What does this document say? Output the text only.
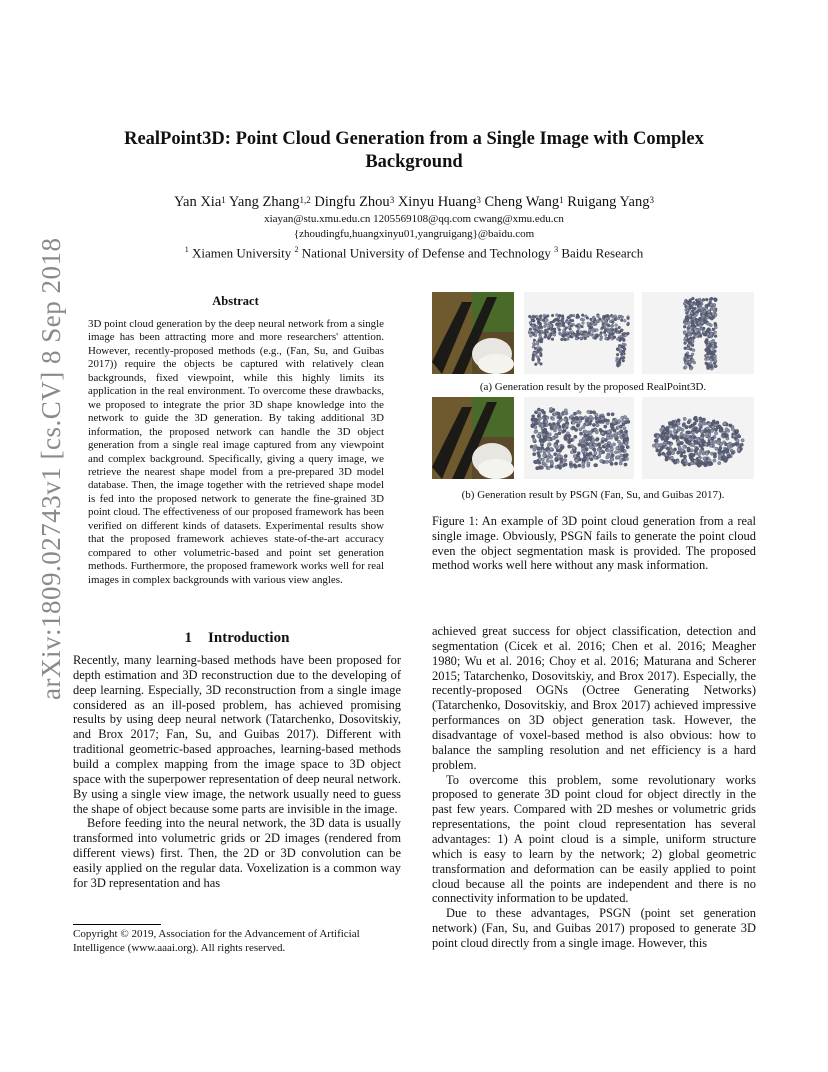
RealPoint3D: Point Cloud Generation from a Single Image with Complex
Background
Yan Xia$^1$ Yang Zhang$^{1,2}$ Dingfu Zhou$^3$ Xinyu Huang$^3$ Cheng Wang$^1$ Ruigang Yang$^3$
xiayan@stu.xmu.edu.cn 1205569108@qq.com cwang@xmu.edu.cn
{zhoudingfu,huangxinyu01,yangruigang}@baidu.com
$^1$ Xiamen University $^2$ National University of Defense and Technology $^3$ Baidu Research
arXiv:1809.02743v1 [cs.CV] 8 Sep 2018	Abstract

3D point cloud generation by the deep neural network from a single image has been attracting more and more researchers' attention. However, recently-proposed methods (e.g., (Fan, Su, and Guibas 2017)) require the objects be captured with relatively clean backgrounds, fixed viewpoint, while this highly limits its application in the real environment. To overcome these drawbacks, we proposed to integrate the prior 3D shape knowledge into the network to guide the 3D generation. By taking additional 3D information, the proposed network can handle the 3D object generation from a single real image captured from any viewpoint and complex background. Specifically, giving a query image, we retrieve the nearest shape model from a pre-prepared 3D model database. Then, the image together with the retrieved shape model is fed into the proposed network to generate the fine-grained 3D point cloud. The effectiveness of our proposed framework has been verified on different kinds of datasets. Experimental results show that the proposed framework achieves state-of-the-art accuracy compared to other volumetric-based and point set generation methods. Furthermore, the proposed framework works well for real images in complex backgrounds with various view angles.

1 Introduction

Recently, many learning-based methods have been proposed for depth estimation and 3D reconstruction due to the developing of deep learning. Especially, 3D reconstruction from a single image considered as an ill-posed problem, has achieved promising results by using deep neural network (Tatarchenko, Dosovitskiy, and Brox 2017; Fan, Su, and Guibas 2017). Different with traditional geometric-based approaches, learning-based methods build a complex mapping from the image space to 3D object space with the superpower representation of deep neural network. By using a single view image, the network usually need to guess the shape of object because some parts are invisible in the image.

Before feeding into the neural network, the 3D data is usually transformed into volumetric grids or 2D images (rendered from different views) first. Then, the 2D or 3D convolution can be easily applied on the regular data. Voxelization is a common way for 3D representation and has

Copyright © 2019, Association for the Advancement of Artificial Intelligence (www.aaai.org). All rights reserved.

achieved great success for object classification, detection and segmentation (Cicek et al. 2016; Chen et al. 2016; Meagher 1980; Wu et al. 2016; Choy et al. 2016; Maturana and Scherer 2015; Tatarchenko, Dosovitskiy, and Brox 2017). Especially, the recently-proposed OGNs (Octree Generating Networks)(Tatarchenko, Dosovitskiy, and Brox 2017) achieved impressive performances on 3D object generation task. However, the disadvantage of voxel-based method is also obvious: how to balance the sampling resolution and net efficiency is a hard problem.

To overcome this problem, some revolutionary works proposed to generate 3D point cloud for object directly in the past few years. Compared with 2D meshes or volumetric grids representations, the point cloud representation has several advantages: 1) A point cloud is a simple, uniform structure which is easy to learn by the network; 2) global geometric transformation and deformation can be easily applied to point cloud because all the points are independent and there is no connectivity information to be updated.

Due to these advantages, PSGN (point set generation network) (Fan, Su, and Guibas 2017) proposed to generate 3D point cloud directly from a single image. However, this

(a) Generation result by the proposed RealPoint3D.
(b) Generation result by PSGN (Fan, Su, and Guibas 2017).
Figure 1: An example of 3D point cloud generation from a real single image. Obviously, PSGN fails to generate the point cloud even the object segmentation mask is provided. The proposed method works well here without any mask information.
